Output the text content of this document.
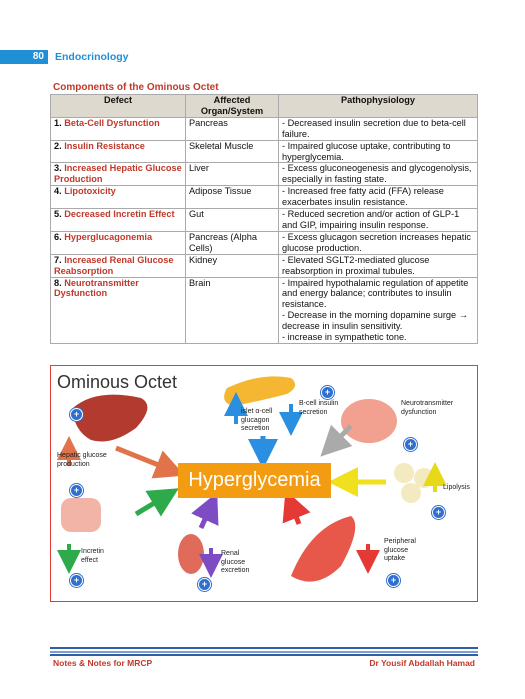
80	Endocrinology
Components of the Ominous Octet
Defect	Affected Organ/System	Pathophysiology
1. Beta-Cell Dysfunction	Pancreas	- Decreased insulin secretion due to beta-cell failure.
2. Insulin Resistance	Skeletal Muscle	- Impaired glucose uptake, contributing to hyperglycemia.
3. Increased Hepatic Glucose Production	Liver	- Excess gluconeogenesis and glycogenolysis, especially in fasting state.
4. Lipotoxicity	Adipose Tissue	- Increased free fatty acid (FFA) release exacerbates insulin resistance.
5. Decreased Incretin Effect	Gut	- Reduced secretion and/or action of GLP-1 and GIP, impairing insulin response.
6. Hyperglucagonemia	Pancreas (Alpha Cells)	- Excess glucagon secretion increases hepatic glucose production.
7. Increased Renal Glucose Reabsorption	Kidney	- Elevated SGLT2-mediated glucose reabsorption in proximal tubules.
8. Neurotransmitter Dysfunction	Brain	- Impaired hypothalamic regulation of appetite and energy balance; contributes to insulin resistance.
- Decrease in the morning dopamine surge → decrease in insulin sensitivity.
- increase in sympathetic tone.
Ominous Octet
Hyperglycemia
islet α-cell glucagon secretion
B-cell insulin secretion
Neurotransmitter dysfunction
Hepatic glucose production
Lipolysis
Incretin effect
Renal glucose excretion
Peripheral glucose uptake
+
+
+
+
+
+	+	+
Notes & Notes for MRCP	Dr Yousif Abdallah Hamad
